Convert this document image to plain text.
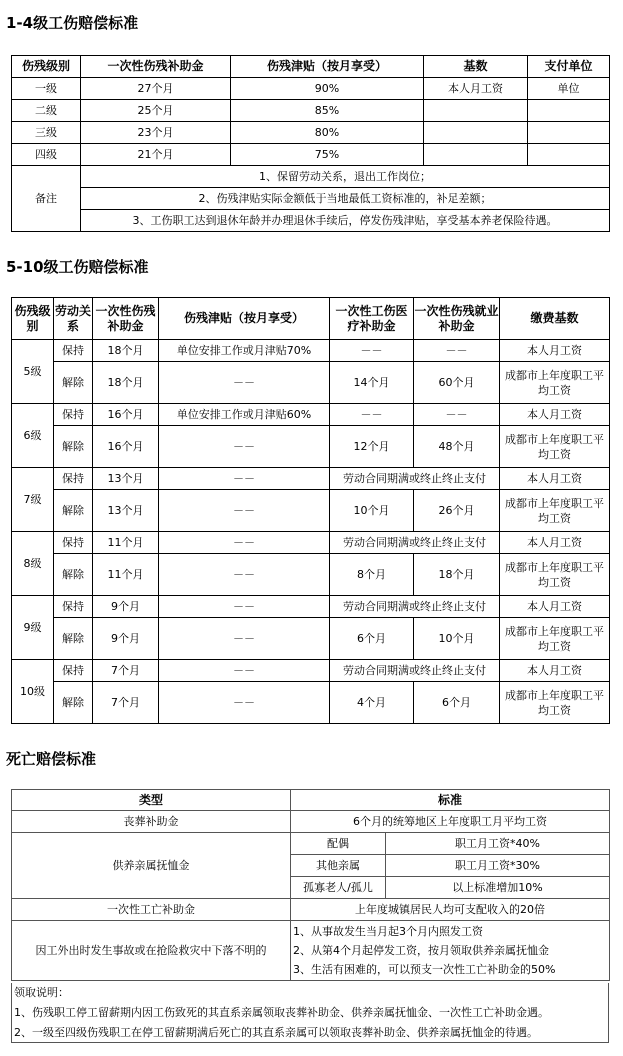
1-4级工伤赔偿标准
伤残级别	一次性伤残补助金	伤残津贴（按月享受）	基数	支付单位
一级	27个月	90%	本人月工资	单位
二级	25个月	85%		
三级	23个月	80%		
四级	21个月	75%		
备注	1、保留劳动关系，退出工作岗位；			
	2、伤残津贴实际金额低于当地最低工资标准的，补足差额；			
	3、工伤职工达到退休年龄并办理退休手续后，停发伤残津贴，享受基本养老保险待遇。			
5-10级工伤赔偿标准
伤残级别	劳动关系	一次性伤残补助金	伤残津贴（按月享受）	一次性工伤医疗补助金	一次性伤残就业补助金	缴费基数
5级	保持	18个月	单位安排工作或月津贴70%	－－	－－	本人月工资
	解除	18个月	－－	14个月	60个月	成都市上年度职工平均工资
6级	保持	16个月	单位安排工作或月津贴60%	－－	－－	本人月工资
	解除	16个月	－－	12个月	48个月	成都市上年度职工平均工资
7级	保持	13个月	－－	劳动合同期满或终止终止支付		本人月工资
	解除	13个月	－－	10个月	26个月	成都市上年度职工平均工资
8级	保持	11个月	－－	劳动合同期满或终止终止支付		本人月工资
	解除	11个月	－－	8个月	18个月	成都市上年度职工平均工资
9级	保持	9个月	－－	劳动合同期满或终止终止支付		本人月工资
	解除	9个月	－－	6个月	10个月	成都市上年度职工平均工资
10级	保持	7个月	－－	劳动合同期满或终止终止支付		本人月工资
	解除	7个月	－－	4个月	6个月	成都市上年度职工平均工资
死亡赔偿标准
类型	标准	
丧葬补助金	6个月的统筹地区上年度职工月平均工资	
供养亲属抚恤金	配偶	职工月工资*40%
	其他亲属	职工月工资*30%
	孤寡老人/孤儿	以上标准增加10%
一次性工亡补助金	上年度城镇居民人均可支配收入的20倍	
因工外出时发生事故或在抢险救灾中下落不明的	1、从事故发生当月起3个月内照发工资
2、从第4个月起停发工资，按月领取供养亲属抚恤金
3、生活有困难的，可以预支一次性工亡补助金的50%	
领取说明：
1、伤残职工停工留薪期内因工伤致死的其直系亲属领取丧葬补助金、供养亲属抚恤金、一次性工亡补助金遇。
2、一级至四级伤残职工在停工留薪期满后死亡的其直系亲属可以领取丧葬补助金、供养亲属抚恤金的待遇。
